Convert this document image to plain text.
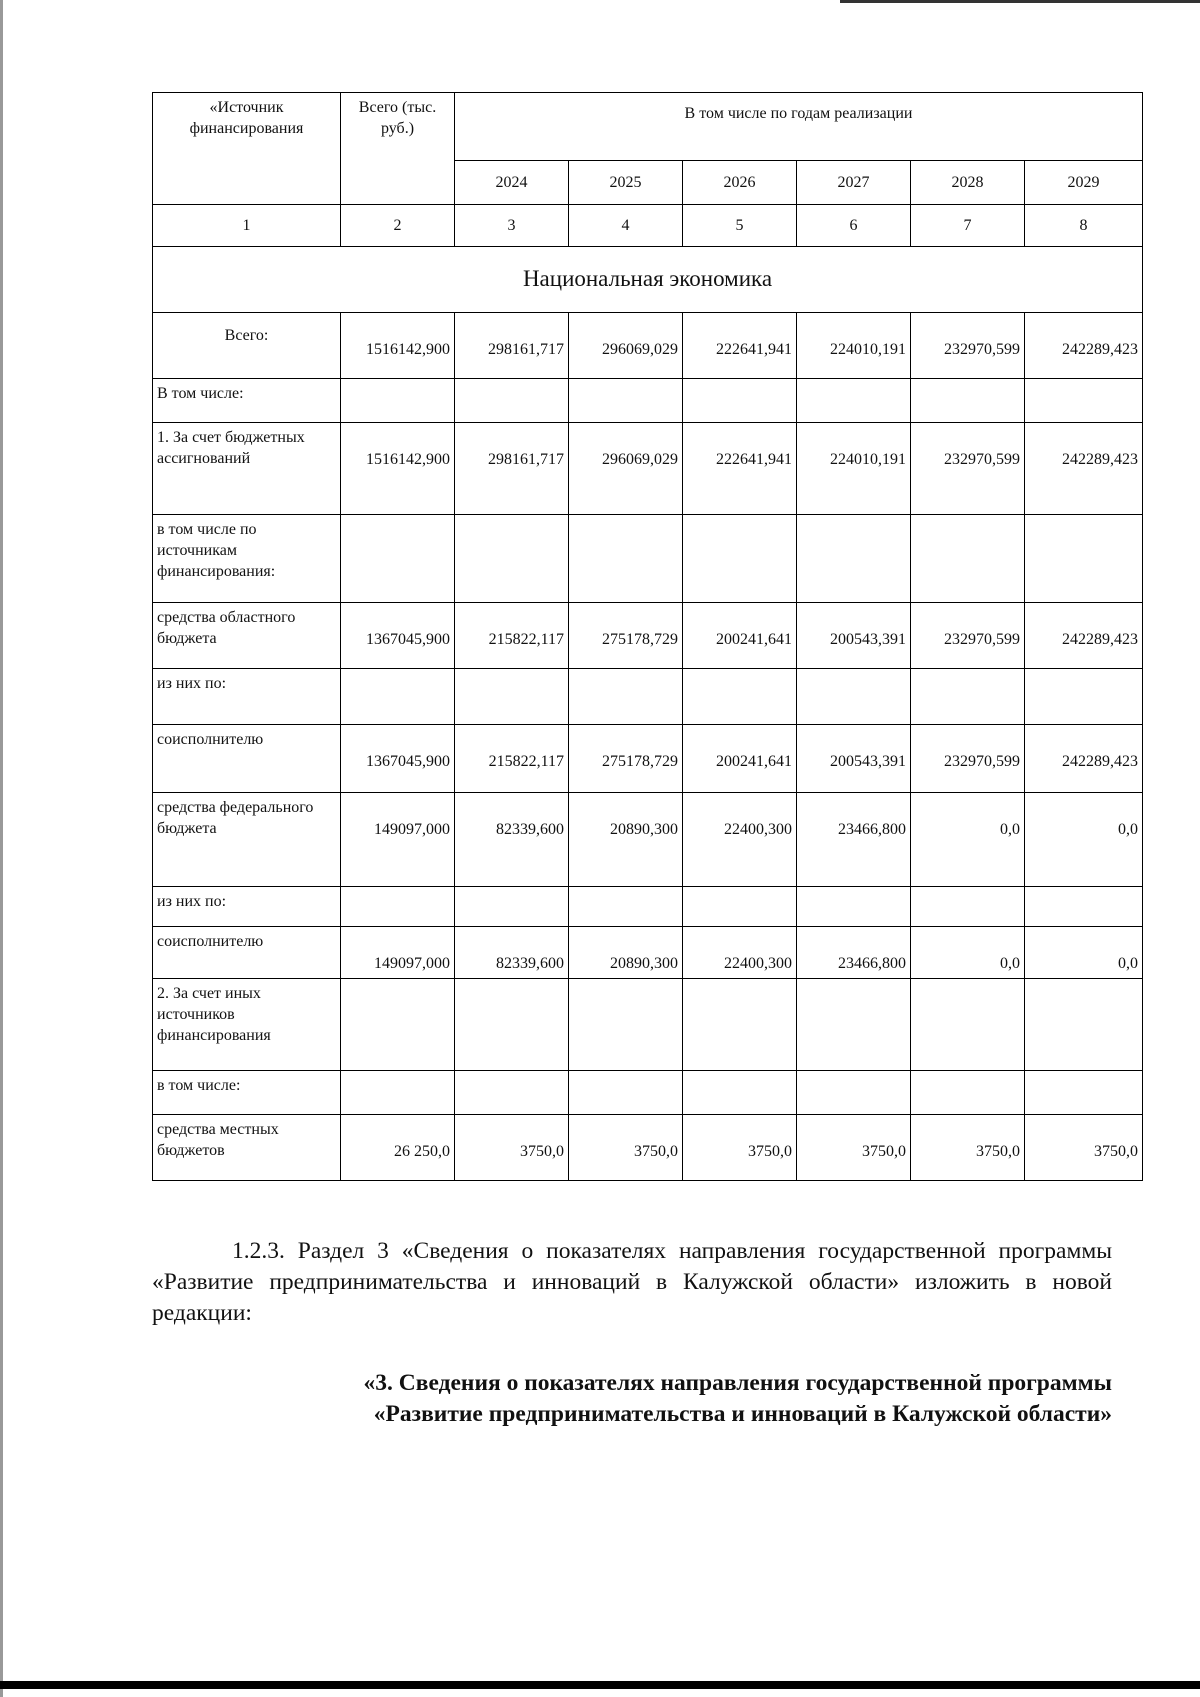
«Источник финансирования	Всего (тыс. руб.)	В том числе по годам реализации					
		2024	2025	2026	2027	2028	2029
1	2	3	4	5	6	7	8
Национальная экономика							
Всего:	1516142,900	298161,717	296069,029	222641,941	224010,191	232970,599	242289,423
В том числе:							
1. За счет бюджетных ассигнований	1516142,900	298161,717	296069,029	222641,941	224010,191	232970,599	242289,423
в том числе по источникам финансирования:							
средства областного бюджета	1367045,900	215822,117	275178,729	200241,641	200543,391	232970,599	242289,423
из них по:							
соисполнителю	1367045,900	215822,117	275178,729	200241,641	200543,391	232970,599	242289,423
средства федерального бюджета	149097,000	82339,600	20890,300	22400,300	23466,800	0,0	0,0
из них по:							
соисполнителю	149097,000	82339,600	20890,300	22400,300	23466,800	0,0	0,0
2. За счет иных источников финансирования							
в том числе:							
средства местных бюджетов	26 250,0	3750,0	3750,0	3750,0	3750,0	3750,0	3750,0
1.2.3. Раздел 3 «Сведения о показателях направления государственной программы «Развитие предпринимательства и инноваций в Калужской области» изложить в новой редакции:
«3. Сведения о показателях направления государственной программы
«Развитие предпринимательства и инноваций в Калужской области»
